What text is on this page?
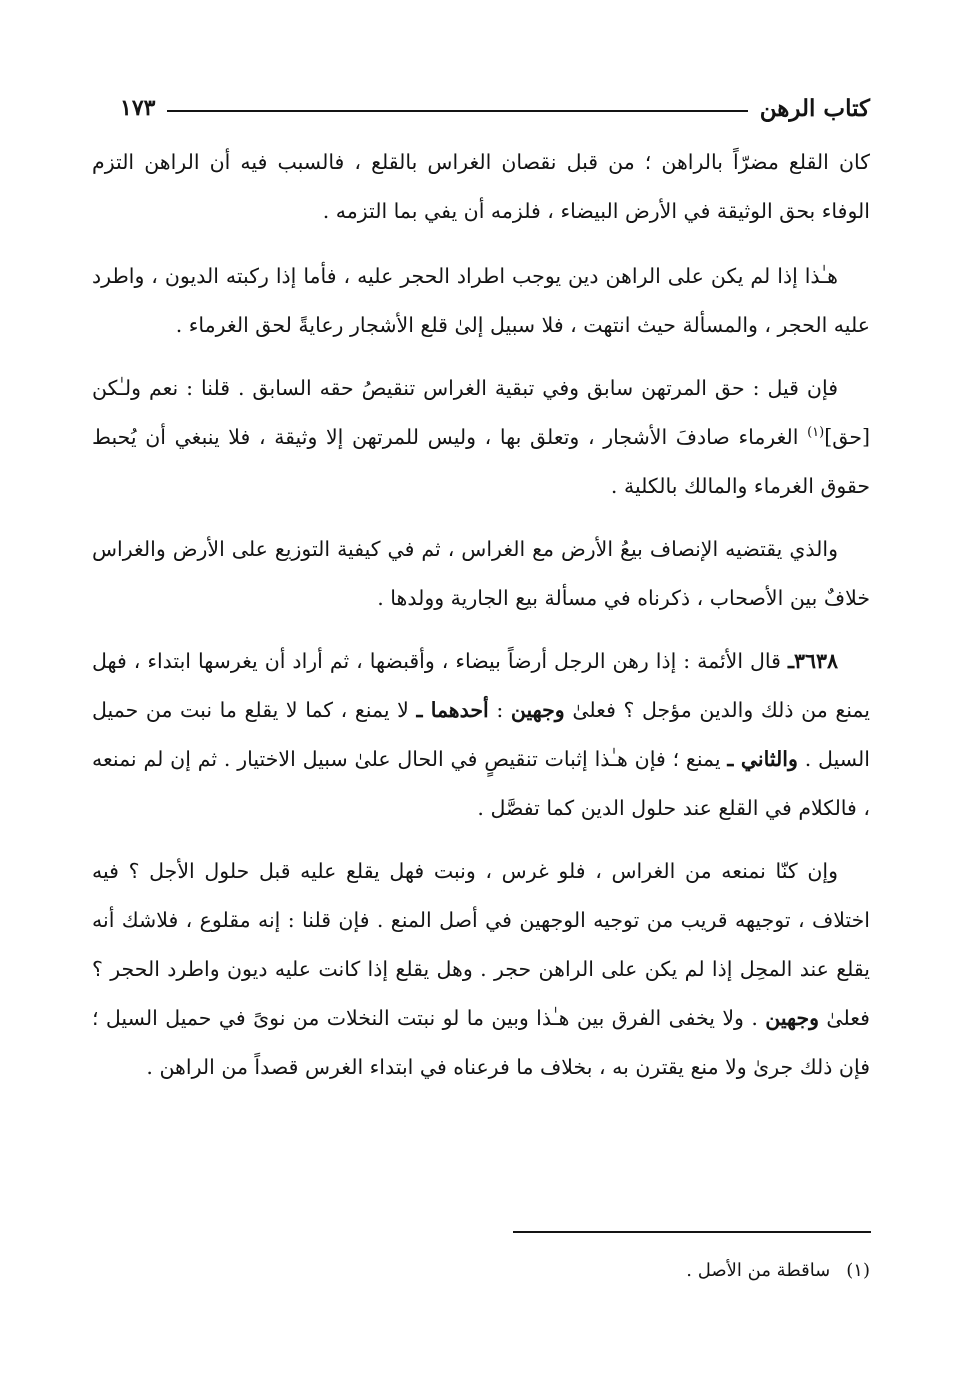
كتاب الرهن
١٧٣

كان القلع مضرّاً بالراهن ؛ من قبل نقصان الغراس بالقلع ، فالسبب فيه أن الراهن التزم الوفاء بحق الوثيقة في الأرض البيضاء ، فلزمه أن يفي بما التزمه .

هـٰذا إذا لم يكن على الراهن دين يوجب اطراد الحجر عليه ، فأما إذا ركبته الديون ، واطرد عليه الحجر ، والمسألة حيث انتهت ، فلا سبيل إلىٰ قلع الأشجار رعايةً لحق الغرماء .

فإن قيل : حق المرتهن سابق وفي تبقية الغراس تنقيصُ حقه السابق . قلنا : نعم ولـٰكن [حق]$^{(١)}$ الغرماء صادفَ الأشجار ، وتعلق بها ، وليس للمرتهن إلا وثيقة ، فلا ينبغي أن يُحبط حقوق الغرماء والمالك بالكلية .

والذي يقتضيه الإنصاف بيعُ الأرض مع الغراس ، ثم في كيفية التوزيع على الأرض والغراس خلافٌ بين الأصحاب ، ذكرناه في مسألة بيع الجارية وولدها .

٣٦٣٨ـ قال الأئمة : إذا رهن الرجل أرضاً بيضاء ، وأقبضها ، ثم أراد أن يغرسها ابتداء ، فهل يمنع من ذلك والدين مؤجل ؟ فعلىٰ وجهين : أحدهما ـ لا يمنع ، كما لا يقلع ما نبت من حميل السيل . والثاني ـ يمنع ؛ فإن هـٰذا إثبات تنقيصٍ في الحال علىٰ سبيل الاختيار . ثم إن لم نمنعه ، فالكلام في القلع عند حلول الدين كما تفصَّل .

وإن كنّا نمنعه من الغراس ، فلو غرس ، ونبت فهل يقلع عليه قبل حلول الأجل ؟ فيه اختلاف ، توجيهه قريب من توجيه الوجهين في أصل المنع . فإن قلنا : إنه مقلوع ، فلاشك أنه يقلع عند المحِل إذا لم يكن على الراهن حجر . وهل يقلع إذا كانت عليه ديون واطرد الحجر ؟ فعلىٰ وجهين . ولا يخفى الفرق بين هـٰذا وبين ما لو نبتت النخلات من نوىً في حميل السيل ؛ فإن ذلك جرىٰ ولا منع يقترن به ، بخلاف ما فرعناه في ابتداء الغرس قصداً من الراهن .

(١)ساقطة من الأصل .
